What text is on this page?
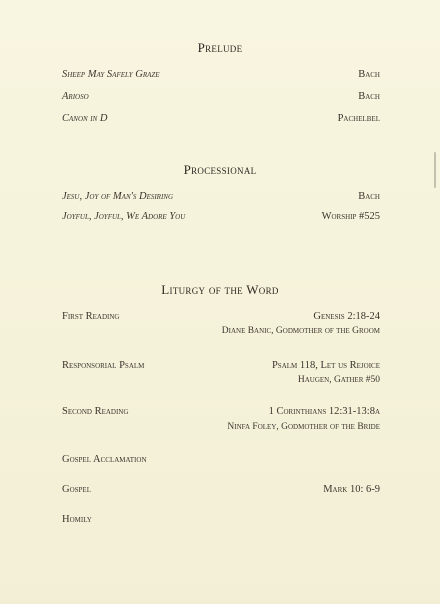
Prelude
Sheep May Safely Graze	Bach
Arioso	Bach
Canon in D	Pachelbel
Processional
Jesu, Joy of Man's Desiring	Bach
Joyful, Joyful, We Adore You	Worship #525
Liturgy of the Word
First Reading	Genesis 2:18-24
Diane Banic, Godmother of the Groom
Responsorial Psalm	Psalm 118, Let us Rejoice
Haugen, Gather #50
Second Reading	1 Corinthians 12:31-13:8a
Ninfa Foley, Godmother of the Bride
Gospel Acclamation
Gospel	Mark 10: 6-9
Homily
